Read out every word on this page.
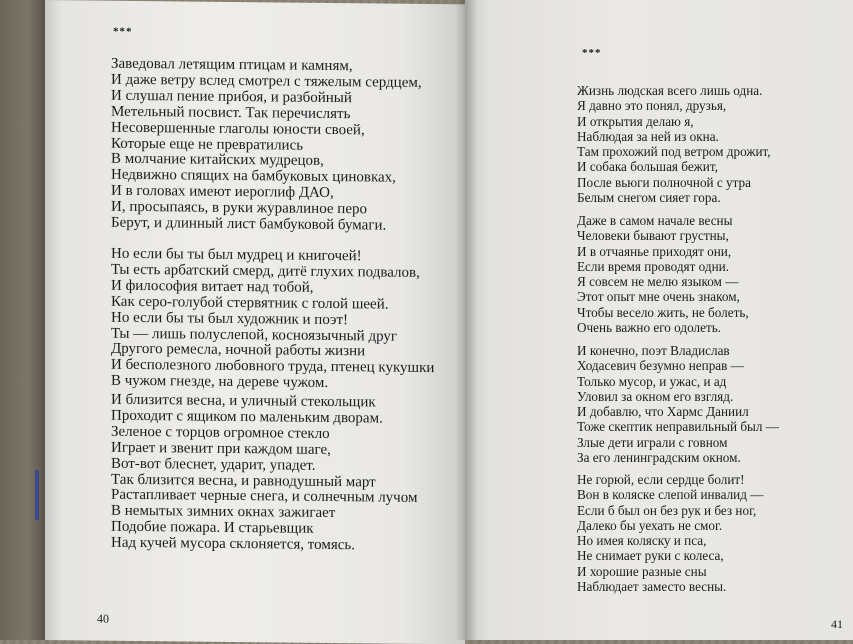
***
Заведовал летящим птицам и камням,
И даже ветру вслед смотрел с тяжелым сердцем,
И слушал пение прибоя, и разбойный
Метельный посвист. Так перечислять
Несовершенные глаголы юности своей,
Которые еще не превратились
В молчание китайских мудрецов,
Недвижно спящих на бамбуковых циновках,
И в головах имеют иероглиф ДАО,
И, просыпаясь, в руки журавлиное перо
Берут, и длинный лист бамбуковой бумаги.
Но если бы ты был мудрец и книгочей!
Ты есть арбатский смерд, дитё глухих подвалов,
И философия витает над тобой,
Как серо-голубой стервятник с голой шеей.
Но если бы ты был художник и поэт!
Ты — лишь полуслепой, косноязычный друг
Другого ремесла, ночной работы жизни
И бесполезного любовного труда, птенец кукушки
В чужом гнезде, на дереве чужом.
И близится весна, и уличный стекольщик
Проходит с ящиком по маленьким дворам.
Зеленое с торцов огромное стекло
Играет и звенит при каждом шаге,
Вот-вот блеснет, ударит, упадет.
Так близится весна, и равнодушный март
Растапливает черные снега, и солнечным лучом
В немытых зимних окнах зажигает
Подобие пожара. И старьевщик
Над кучей мусора склоняется, томясь.
40
***
Жизнь людская всего лишь одна.
Я давно это понял, друзья,
И открытия делаю я,
Наблюдая за ней из окна.
Там прохожий под ветром дрожит,
И собака большая бежит,
После вьюги полночной с утра
Белым снегом сияет гора.
Даже в самом начале весны
Человеки бывают грустны,
И в отчаянье приходят они,
Если время проводят одни.
Я совсем не мелю языком —
Этот опыт мне очень знаком,
Чтобы весело жить, не болеть,
Очень важно его одолеть.
И конечно, поэт Владислав
Ходасевич безумно неправ —
Только мусор, и ужас, и ад
Уловил за окном его взгляд.
И добавлю, что Хармс Даниил
Тоже скептик неправильный был —
Злые дети играли с говном
За его ленинградским окном.
Не горюй, если сердце болит!
Вон в коляске слепой инвалид —
Если б был он без рук и без ног,
Далеко бы уехать не смог.
Но имея коляску и пса,
Не снимает руки с колеса,
И хорошие разные сны
Наблюдает заместо весны.
41
